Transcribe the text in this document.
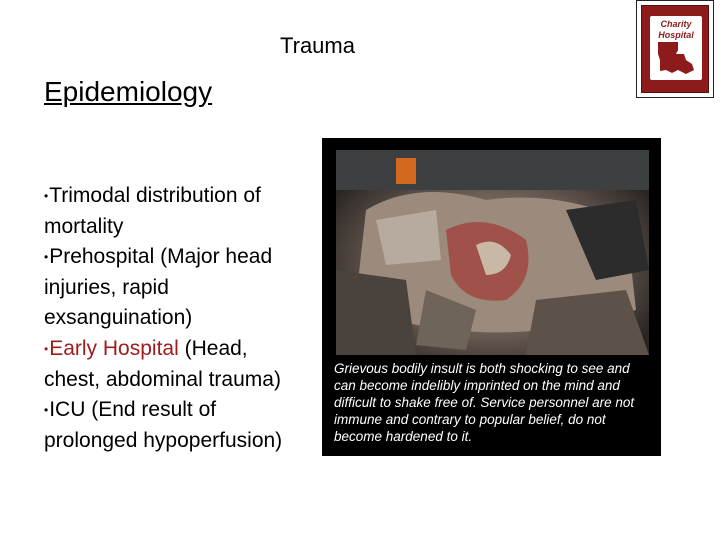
Trauma
Charity
Hospital
Epidemiology
•Trimodal distribution of mortality
•Prehospital (Major head injuries, rapid exsanguination)
•Early Hospital (Head, chest, abdominal trauma)
•ICU (End result of prolonged hypoperfusion)
Grievous bodily insult is both shocking to see and can become indelibly imprinted on the mind and difficult to shake free of. Service personnel are not immune and contrary to popular belief, do not become hardened to it.
